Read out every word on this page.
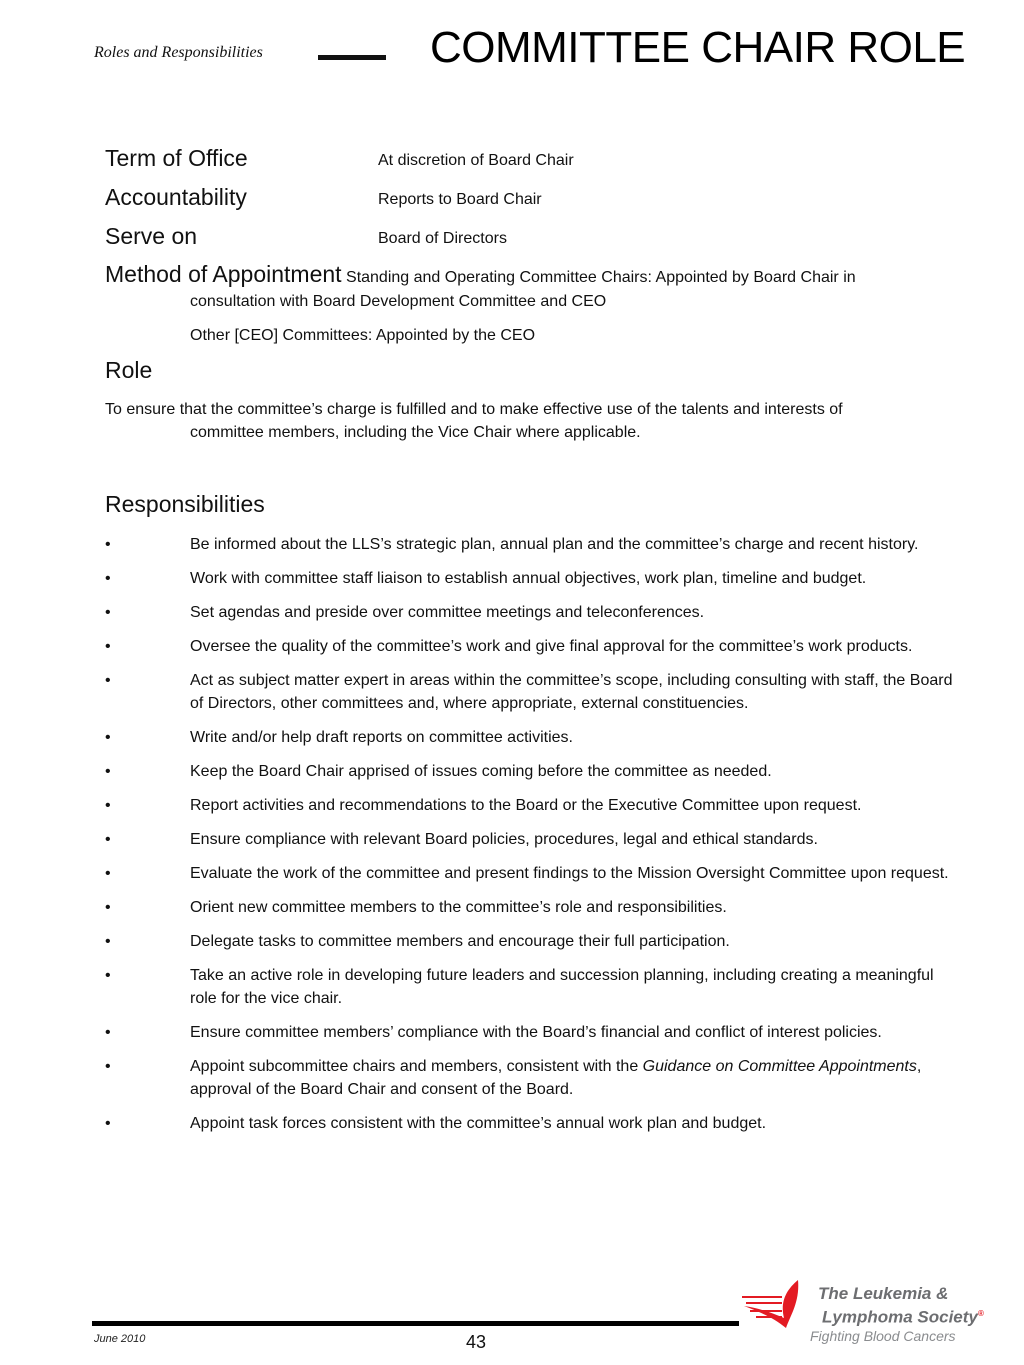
Roles and Responsibilities	COMMITTEE CHAIR ROLE
Term of Office	At discretion of Board Chair
Accountability	Reports to Board Chair
Serve on	Board of Directors
Method of Appointment Standing and Operating Committee Chairs: Appointed by Board Chair in
consultation with Board Development Committee and CEO
Other [CEO] Committees: Appointed by the CEO
Role
To ensure that the committee’s charge is fulfilled and to make effective use of the talents and interests of
committee members, including the Vice Chair where applicable.
Responsibilities
•	Be informed about the LLS’s strategic plan, annual plan and the committee’s charge and recent history.
•	Work with committee staff liaison to establish annual objectives, work plan, timeline and budget.
•	Set agendas and preside over committee meetings and teleconferences.
•	Oversee the quality of the committee’s work and give final approval for the committee’s work products.
•	Act as subject matter expert in areas within the committee’s scope, including consulting with staff, the Board of Directors, other committees and, where appropriate, external constituencies.
•	Write and/or help draft reports on committee activities.
•	Keep the Board Chair apprised of issues coming before the committee as needed.
•	Report activities and recommendations to the Board or the Executive Committee upon request.
•	Ensure compliance with relevant Board policies, procedures, legal and ethical standards.
•	Evaluate the work of the committee and present findings to the Mission Oversight Committee upon request.
•	Orient new committee members to the committee’s role and responsibilities.
•	Delegate tasks to committee members and encourage their full participation.
•	Take an active role in developing future leaders and succession planning, including creating a meaningful role for the vice chair.
•	Ensure committee members’ compliance with the Board’s financial and conflict of interest policies.
•	Appoint subcommittee chairs and members, consistent with the Guidance on Committee Appointments, approval of the Board Chair and consent of the Board.
•	Appoint task forces consistent with the committee’s annual work plan and budget.
June 2010	43
The Leukemia &
Lymphoma Society®
Fighting Blood Cancers
